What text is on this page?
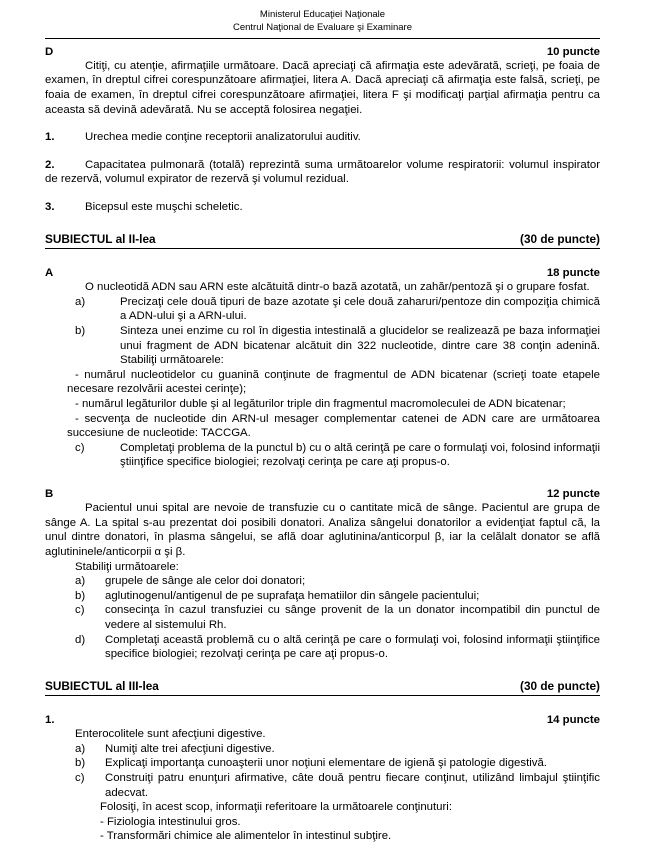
Ministerul Educaţiei Naţionale
Centrul Naţional de Evaluare şi Examinare
D	10 puncte

Citiţi, cu atenţie, afirmaţiile următoare. Dacă apreciaţi că afirmaţia este adevărată, scrieţi, pe foaia de examen, în dreptul cifrei corespunzătoare afirmaţiei, litera A. Dacă apreciaţi că afirmaţia este falsă, scrieţi, pe foaia de examen, în dreptul cifrei corespunzătoare afirmaţiei, litera F şi modificaţi parţial afirmaţia pentru ca aceasta să devină adevărată. Nu se acceptă folosirea negaţiei.

1.	Urechea medie conţine receptorii analizatorului auditiv.
2.	Capacitatea pulmonară (totală) reprezintă suma următoarelor volume respiratorii: volumul inspirator de rezervă, volumul expirator de rezervă şi volumul rezidual.
3.	Bicepsul este muşchi scheletic.
SUBIECTUL al II-lea	(30 de puncte)
A	18 puncte

O nucleotidă ADN sau ARN este alcătuită dintr-o bază azotată, un zahăr/pentoză şi o grupare fosfat.

a)	Precizaţi cele două tipuri de baze azotate şi cele două zaharuri/pentoze din compoziţia chimică a ADN-ului şi a ARN-ului.
b)	Sinteza unei enzime cu rol în digestia intestinală a glucidelor se realizează pe baza informaţiei unui fragment de ADN bicatenar alcătuit din 322 nucleotide, dintre care 38 conţin adenină. Stabiliţi următoarele:
- numărul nucleotidelor cu guanină conţinute de fragmentul de ADN bicatenar (scrieţi toate etapele necesare rezolvării acestei cerinţe);
- numărul legăturilor duble şi al legăturilor triple din fragmentul macromoleculei de ADN bicatenar;
- secvenţa de nucleotide din ARN-ul mesager complementar catenei de ADN care are următoarea succesiune de nucleotide: TACCGA.
c)	Completaţi problema de la punctul b) cu o altă cerinţă pe care o formulaţi voi, folosind informaţii ştiinţifice specifice biologiei; rezolvaţi cerinţa pe care aţi propus-o.
B	12 puncte

Pacientul unui spital are nevoie de transfuzie cu o cantitate mică de sânge. Pacientul are grupa de sânge A. La spital s-au prezentat doi posibili donatori. Analiza sângelui donatorilor a evidenţiat faptul că, la unul dintre donatori, în plasma sângelui, se află doar aglutinina/anticorpul β, iar la celălalt donator se află aglutininele/anticorpii α şi β.

Stabiliţi următoarele:
a)	grupele de sânge ale celor doi donatori;
b)	aglutinogenul/antigenul de pe suprafaţa hematiilor din sângele pacientului;
c)	consecinţa în cazul transfuziei cu sânge provenit de la un donator incompatibil din punctul de vedere al sistemului Rh.
d)	Completaţi această problemă cu o altă cerinţă pe care o formulaţi voi, folosind informaţii ştiinţifice specifice biologiei; rezolvaţi cerinţa pe care aţi propus-o.
SUBIECTUL al III-lea	(30 de puncte)
1.	14 puncte
Enterocolitele sunt afecţiuni digestive.
a)	Numiţi alte trei afecţiuni digestive.
b)	Explicaţi importanţa cunoaşterii unor noţiuni elementare de igienă şi patologie digestivă.
c)	Construiţi patru enunţuri afirmative, câte două pentru fiecare conţinut, utilizând limbajul ştiinţific adecvat.
Folosiţi, în acest scop, informaţii referitoare la următoarele conţinuturi:
- Fiziologia intestinului gros.
- Transformări chimice ale alimentelor în intestinul subţire.
